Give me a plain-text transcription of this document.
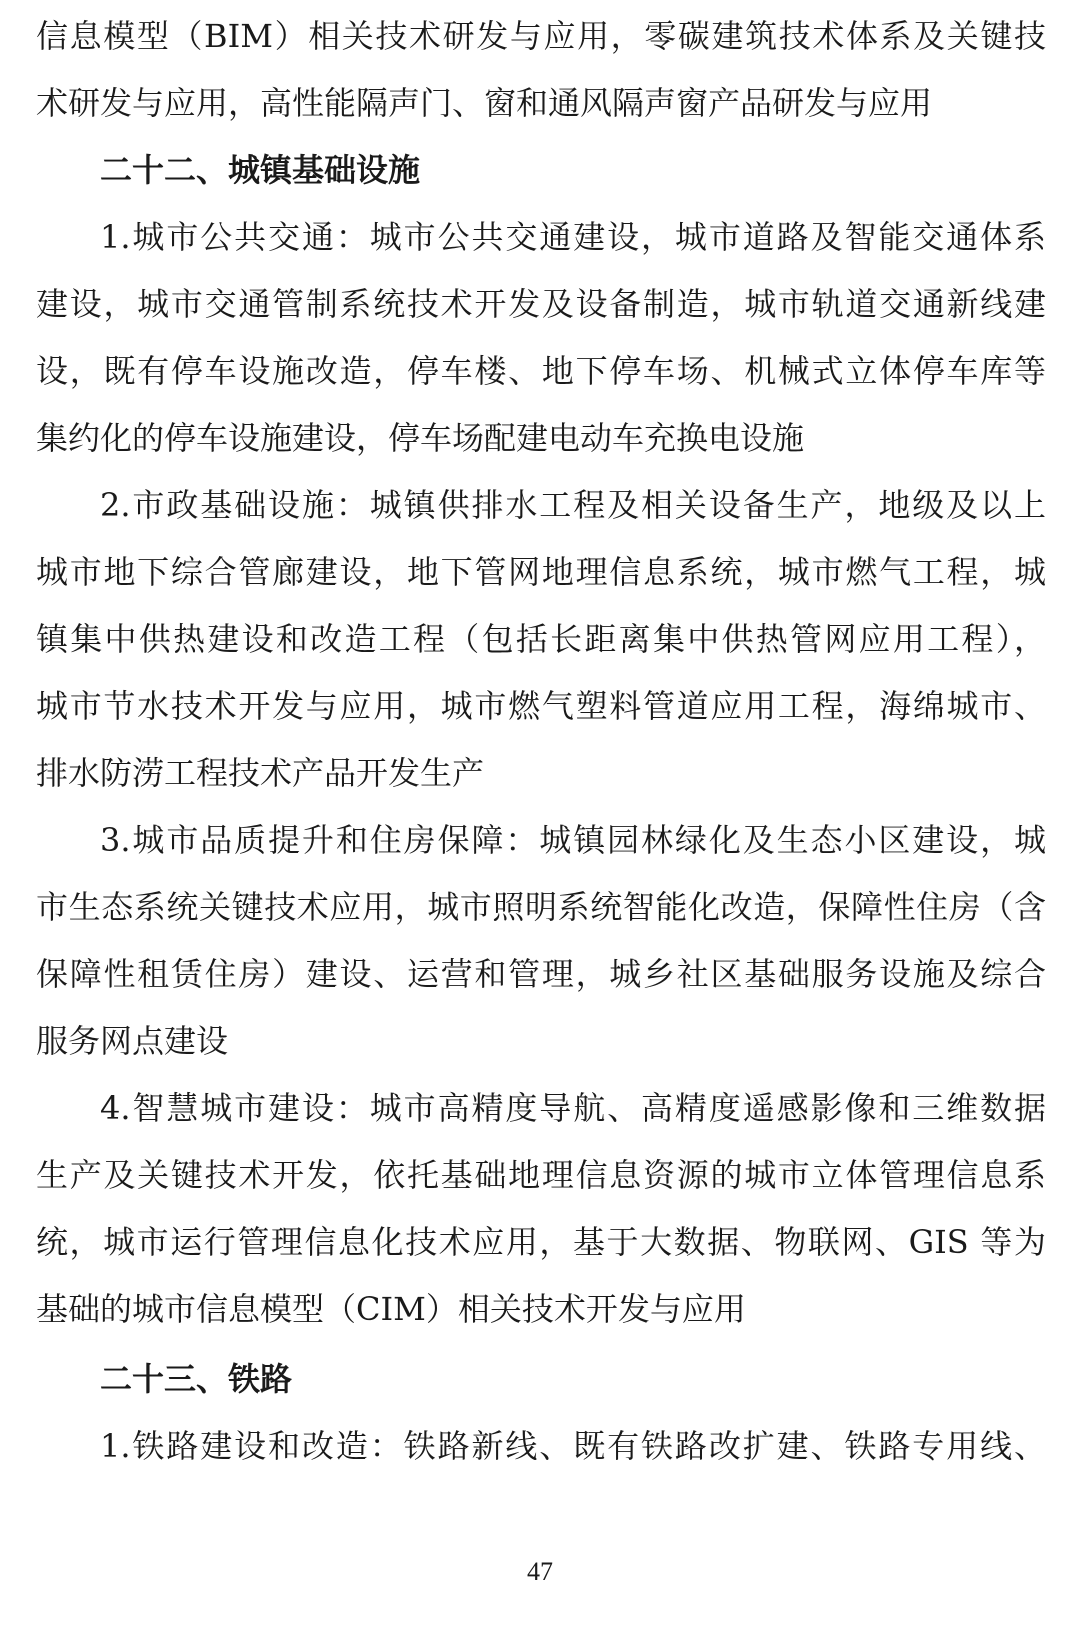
信息模型（BIM）相关技术研发与应用，零碳建筑技术体系及关键技
术研发与应用，高性能隔声门、窗和通风隔声窗产品研发与应用
二十二、城镇基础设施
1.城市公共交通：城市公共交通建设，城市道路及智能交通体系
建设，城市交通管制系统技术开发及设备制造，城市轨道交通新线建
设，既有停车设施改造，停车楼、地下停车场、机械式立体停车库等
集约化的停车设施建设，停车场配建电动车充换电设施
2.市政基础设施：城镇供排水工程及相关设备生产，地级及以上
城市地下综合管廊建设，地下管网地理信息系统，城市燃气工程，城
镇集中供热建设和改造工程（包括长距离集中供热管网应用工程），
城市节水技术开发与应用，城市燃气塑料管道应用工程，海绵城市、
排水防涝工程技术产品开发生产
3.城市品质提升和住房保障：城镇园林绿化及生态小区建设，城
市生态系统关键技术应用，城市照明系统智能化改造，保障性住房（含
保障性租赁住房）建设、运营和管理，城乡社区基础服务设施及综合
服务网点建设
4.智慧城市建设：城市高精度导航、高精度遥感影像和三维数据
生产及关键技术开发，依托基础地理信息资源的城市立体管理信息系
统，城市运行管理信息化技术应用，基于大数据、物联网、GIS 等为
基础的城市信息模型（CIM）相关技术开发与应用
二十三、铁路
1.铁路建设和改造：铁路新线、既有铁路改扩建、铁路专用线、
47
